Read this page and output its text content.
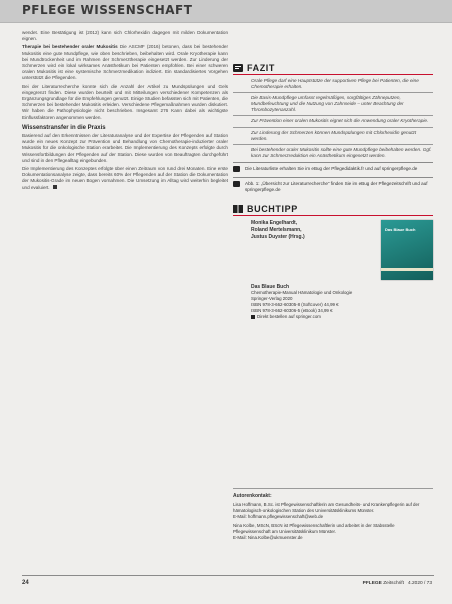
PFLEGE WISSENSCHAFT

wendet. Eine Bestätigung ist (2012) kann sich Chlorhexidin dagegen mit milden Dokumentation eignen.

Therapie bei bestehender oraler Mukositis Die ASCMF (2016) betonen, dass bei bestehender Mukositis eine gute Mundpflege, wie oben beschrieben, beibehalten wird. Orale Kryotherapie kann bei Mundtrockenheit und im Rahmen der Schmerztherapie eingesetzt werden. Zur Linderung der Schmerzen wird ein lokal wirksames Anästhetikum bei Patienten empfohlen. Bei einer schweren oralen Mukositis ist eine systemische Schmerzmedikation indiziert. Ein standardisiertes Vorgehen unterstützt die Pflegenden.

Bei der Literaturrecherche konnte sich die Anzahl der Artikel zu Mundspülungen und Gels eingegrenzt finden. Diese wurden beurteilt und mit Mitteilungen verschiedener Kompetenzen als Ergänzungsgrundlage für die Empfehlungen genutzt. Einige Studien befassten sich mit Patienten, die Schmerzen bei bestehender Mukositis erleiden. Verschiedene Pflegemaßnahmen wurden diskutiert. Wir haben die Pathophysiologie nicht beschrieben. Insgesamt 276 Kann dabei als wichtigste Einflussfaktoren angenommen werden.

Wissenstransfer in die Praxis

Basierend auf den Erkenntnissen der Literaturanalyse und der Expertise der Pflegenden auf Station wurde ein neues Konzept zur Prävention und Behandlung von Chemotherapie-induzierter oraler Mukositis für die onkologische Station erarbeitet. Die Implementierung des Konzepts erfolgte durch Wissensfortbildungen der Pflegenden auf der Station. Diese wurden von Beauftragten durchgeführt und sind in den Pflegealltag eingebunden.

Die Implementierung des Konzeptes erfolgte über einen Zeitraum von rund drei Monaten. Eine erste Dokumentationsanalyse zeigte, dass bereits 60% der Pflegenden auf der Station die Dokumentation der Mukositis-Grade im neuen Bogen vornahmen. Die Umsetzung im Alltag wird weiterhin begleitet und evaluiert.

FAZIT

Orale Pflege darf eine Hauptstütze der supportiven Pflege bei Patienten, die eine Chemotherapie erhalten.

Die Basis-Mundpflege umfasst regelmäßiges, sorgfältiges Zähneputzen, Mundbefeuchtung und die Nutzung von Zahnseide – unter Beachtung der Thrombozytenanzahl.

Zur Prävention einer oralen Mukositis eignet sich die Anwendung oraler Kryotherapie.

Zur Linderung der Schmerzen können Mundspülungen mit Chlorhexidin genutzt werden.

Bei bestehender oraler Mukositis sollte eine gute Mundpflege beibehalten werden. Ggf. kann zur Schmerzreduktion ein Anästhetikum eingesetzt werden.

Die Literaturliste erhalten Sie im eBug der Pflegedidaktik.fr und auf springerpflege.de
Abb. 1: „Übersicht zur Literaturrecherche“ finden Sie im eBug der Pflegezeitschrift und auf springerpflege.de
BUCHTIPP
Monika Engelhardt,
Roland Mertelsmann,
Justus Duyster (Hrsg.)
Das Blaue Buch
Das Blaue Buch
Chemotherapie-Manual Hämatologie und Onkologie
Springer-Verlag 2020
ISBN 978-3-662-60305-8 (Softcover) 44,99 €
ISBN 978-3-662-60306-5 (eBook) 34,99 €
Direkt bestellen auf springer.com
Autorenkontakt:

Lisa Hoffmann, B.Sc. ist Pflegewissenschaftlerin am Gesundheits- und Krankenpflegerin auf der hämatologisch-onkologischen Station des Universitätsklinikums Münster.
E-Mail: hoffmann.pflegewissenschaft@web.de

Nina Kolbe, MScN, BScN ist Pflegewissenschaftlerin und arbeitet in der Stabsstelle Pflegewissenschaft am Universitätsklinikum Münster.
E-Mail: Nina.Kolbe@ukmuenster.de

24	PFLEGE Zeitschrift 4.2020 / 73
